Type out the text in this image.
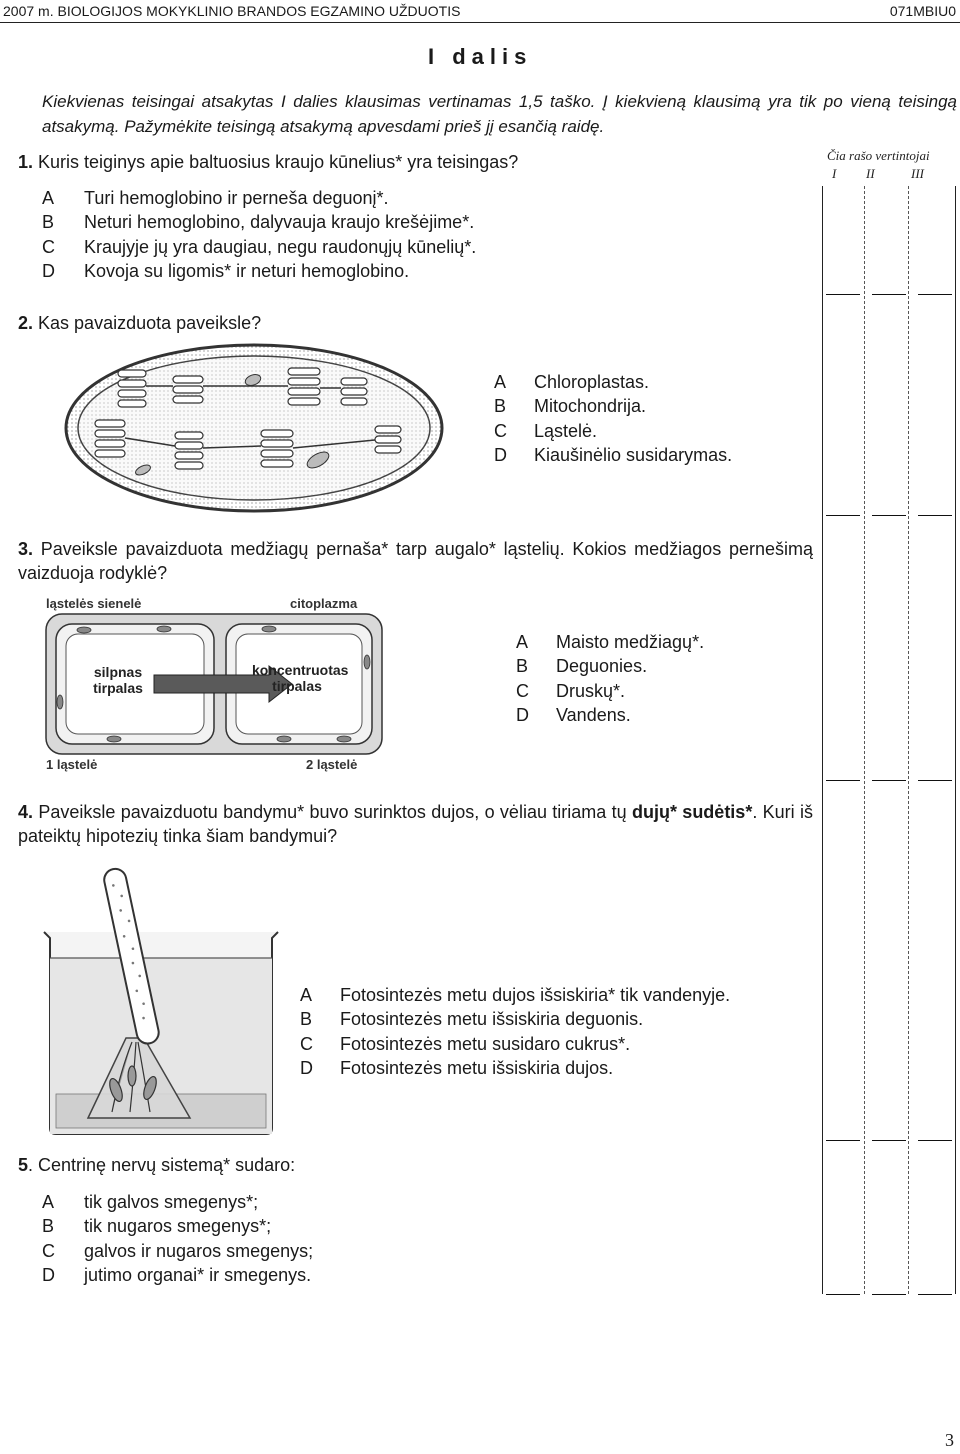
2007 m. BIOLOGIJOS MOKYKLINIO BRANDOS EGZAMINO UŽDUOTIS	071MBIU0
I dalis
Kiekvienas teisingai atsakytas I dalies klausimas vertinamas 1,5 taško. Į kiekvieną klausimą yra tik po vieną teisingą atsakymą. Pažymėkite teisingą atsakymą apvesdami prieš jį esančią raidę.
Čia rašo vertintojai
I II	III
1. Kuris teiginys apie baltuosius kraujo kūnelius* yra teisingas?
A Turi hemoglobino ir perneša deguonį*.
B Neturi hemoglobino, dalyvauja kraujo krešėjime*.
C Kraujyje jų yra daugiau, negu raudonųjų kūnelių*.
D Kovoja su ligomis* ir neturi hemoglobino.
2. Kas pavaizduota paveiksle?
A Chloroplastas.
B Mitochondrija.
C Ląstelė.
D Kiaušinėlio susidarymas.
3. Paveiksle pavaizduota medžiagų pernaša* tarp augalo* ląstelių. Kokios medžiagos pernešimą vaizduoja rodyklė?
ląstelės sienelė	citoplazma
silpnas tirpalas
koncentruotas tirpalas
1 ląstelė	2 ląstelė
A Maisto medžiagų*.
B Deguonies.
C Druskų*.
D Vandens.
4. Paveiksle pavaizduotu bandymu* buvo surinktos dujos, o vėliau tiriama tų dujų* sudėtis*. Kuri iš pateiktų hipotezių tinka šiam bandymui?
A Fotosintezės metu dujos išsiskiria* tik vandenyje.
B Fotosintezės metu išsiskiria deguonis.
C Fotosintezės metu susidaro cukrus*.
D Fotosintezės metu išsiskiria dujos.
5. Centrinę nervų sistemą* sudaro:
A tik galvos smegenys*;
B tik nugaros smegenys*;
C galvos ir nugaros smegenys;
D jutimo organai* ir smegenys.
3
